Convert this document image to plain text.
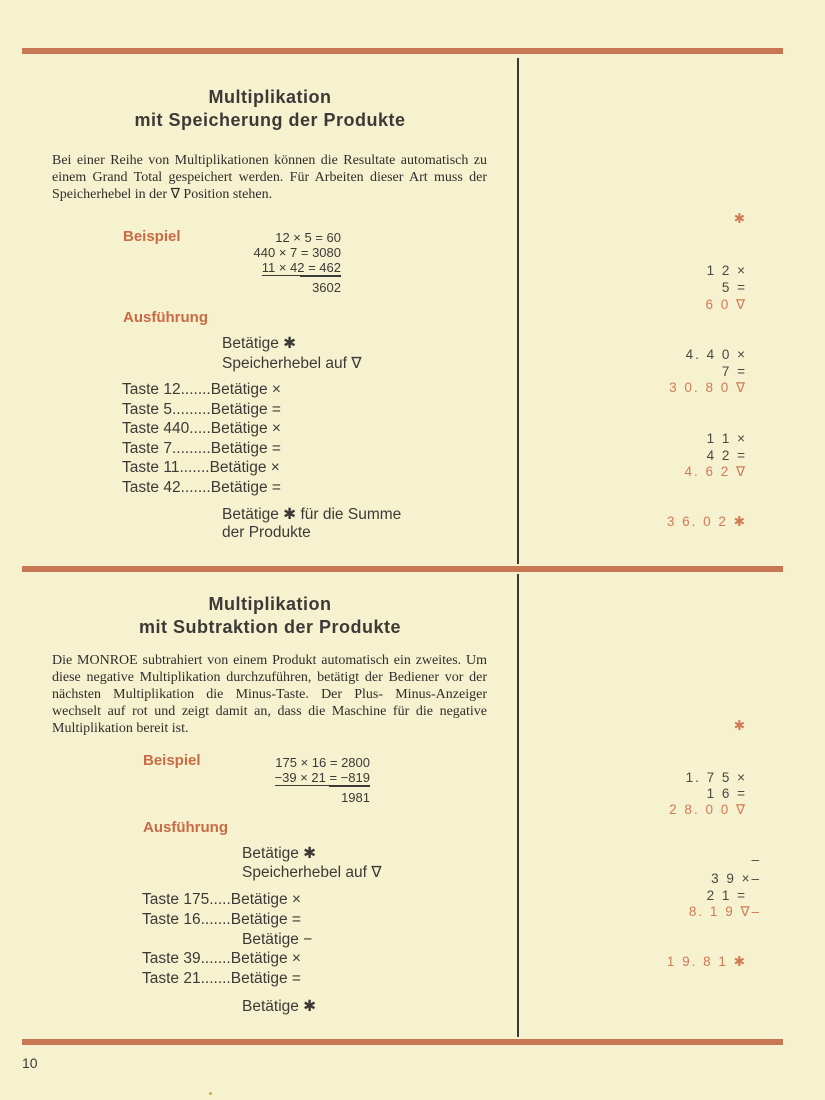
Multiplikation
mit Speicherung der Produkte
Bei einer Reihe von Multiplikationen können die Resultate automatisch zu einem Grand Total gespeichert werden. Für Arbeiten dieser Art muss der Speicherhebel in der ∇ Position stehen.
Beispiel	12 × 5 = 60
440 × 7 = 3080
11 × 42 = 462
3602
Ausführung
Betätige ✱
Speicherhebel auf ∇
Taste 12.......Betätige ×
Taste 5.........Betätige =
Taste 440.....Betätige ×
Taste 7.........Betätige =
Taste 11.......Betätige ×
Taste 42.......Betätige =
Betätige ✱ für die Summe
der Produkte
✱
1 2 ×
5 =
6 0 ∇
4. 4 0 ×
7 =
3 0. 8 0 ∇
1 1 ×
4 2 =
4. 6 2 ∇
3 6. 0 2 ✱
Multiplikation
mit Subtraktion der Produkte
Die MONROE subtrahiert von einem Produkt automatisch ein zweites. Um diese negative Multiplikation durchzuführen, betätigt der Bediener vor der nächsten Multiplikation die Minus-Taste. Der Plus- Minus-Anzeiger wechselt auf rot und zeigt damit an, dass die Maschine für die negative Multiplikation bereit ist.
Beispiel	175 × 16 = 2800
−39 × 21 = −819
1981
Ausführung
Betätige ✱
Speicherhebel auf ∇
Taste 175.....Betätige ×
Taste 16.......Betätige =
Betätige −
Taste 39.......Betätige ×
Taste 21.......Betätige =
Betätige ✱
✱
1. 7 5 ×
1 6 =
2 8. 0 0 ∇
–
3 9 ×–
2 1 =
8. 1 9 ∇–
1 9. 8 1 ✱
10
